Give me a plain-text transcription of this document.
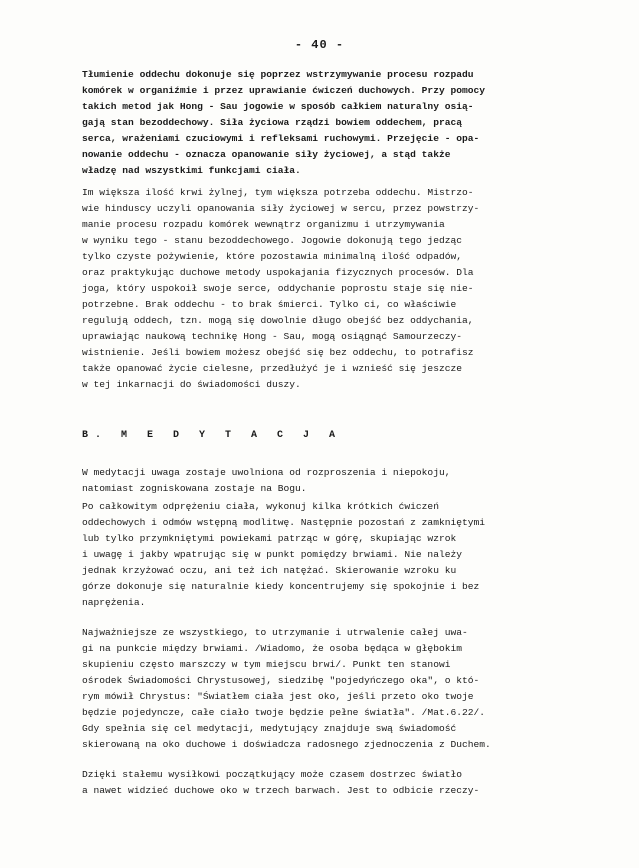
- 40 -
Tłumienie oddechu dokonuje się poprzez wstrzymywanie procesu rozpadu
komórek w organiźmie i przez uprawianie ćwiczeń duchowych. Przy pomocy
takich metod jak Hong - Sau jogowie w sposób całkiem naturalny osią-
gają stan bezoddechowy. Siła życiowa rządzi bowiem oddechem, pracą
serca, wrażeniami czuciowymi i refleksami ruchowymi. Przejęcie - opa-
nowanie oddechu - oznacza opanowanie siły życiowej, a stąd także
władzę nad wszystkimi funkcjami ciała.
Im większa ilość krwi żylnej, tym większa potrzeba oddechu. Mistrzo-
wie hinduscy uczyli opanowania siły życiowej w sercu, przez powstrzy-
manie procesu rozpadu komórek wewnątrz organizmu i utrzymywania
w wyniku tego - stanu bezoddechowego. Jogowie dokonują tego jedząc
tylko czyste pożywienie, które pozostawia minimalną ilość odpadów,
oraz praktykując duchowe metody uspokajania fizycznych procesów. Dla
joga, który uspokoił swoje serce, oddychanie poprostu staje się nie-
potrzebne. Brak oddechu - to brak śmierci. Tylko ci, co właściwie
regulują oddech, tzn. mogą się dowolnie długo obejść bez oddychania,
uprawiając naukową technikę Hong - Sau, mogą osiągnąć Samourzeczy-
wistnienie. Jeśli bowiem możesz obejść się bez oddechu, to potrafisz
także opanować życie cielesne, przedłużyć je i wznieść się jeszcze
w tej inkarnacji do świadomości duszy.
B. M E D Y T A C J A
W medytacji uwaga zostaje uwolniona od rozproszenia i niepokoju,
natomiast zogniskowana zostaje na Bogu.
Po całkowitym odprężeniu ciała, wykonuj kilka krótkich ćwiczeń
oddechowych i odmów wstępną modlitwę. Następnie pozostań z zamkniętymi
lub tylko przymkniętymi powiekami patrząc w górę, skupiając wzrok
i uwagę i jakby wpatrując się w punkt pomiędzy brwiami. Nie należy
jednak krzyżować oczu, ani też ich natężać. Skierowanie wzroku ku
górze dokonuje się naturalnie kiedy koncentrujemy się spokojnie i bez
naprężenia.
Najważniejsze ze wszystkiego, to utrzymanie i utrwalenie całej uwa-
gi na punkcie między brwiami. /Wiadomo, że osoba będąca w głębokim
skupieniu często marszczy w tym miejscu brwi/. Punkt ten stanowi
ośrodek Świadomości Chrystusowej, siedzibę "pojedyńczego oka", o któ-
rym mówił Chrystus: "Światłem ciała jest oko, jeśli przeto oko twoje
będzie pojedyncze, całe ciało twoje będzie pełne światła". /Mat.6.22/.
Gdy spełnia się cel medytacji, medytujący znajduje swą świadomość
skierowaną na oko duchowe i doświadcza radosnego zjednoczenia z Duchem.
Dzięki stałemu wysiłkowi początkujący może czasem dostrzec światło
a nawet widzieć duchowe oko w trzech barwach. Jest to odbicie rzeczy-
